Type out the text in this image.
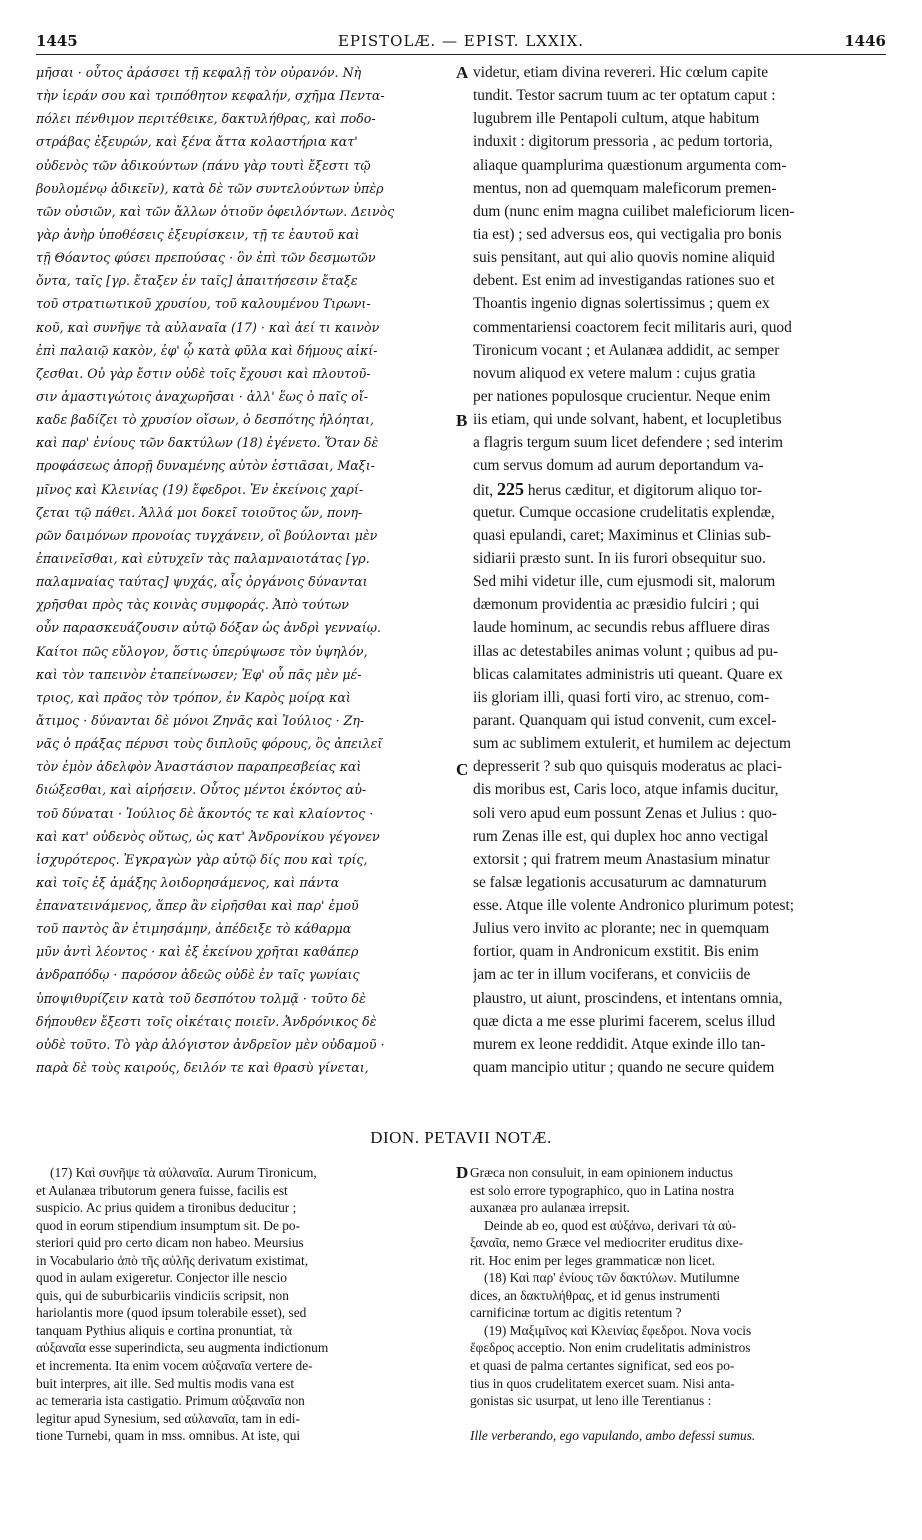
1445	EPISTOLÆ. — EPIST. LXXIX.	1446
μῆσαι · οὗτος ἀράσσει τῇ κεφαλῇ τὸν οὐρανόν. Νὴ
τὴν ἱεράν σου καὶ τριπόθητον κεφαλήν, σχῆμα Πεντα-
πόλει πένθιμον περιτέθεικε, δακτυλήθρας, καὶ ποδο-
στράβας ἐξευρών, καὶ ξένα ἄττα κολαστήρια κατ'
οὐδενὸς τῶν ἀδικούντων (πάνυ γὰρ τουτὶ ἔξεστι τῷ
βουλομένῳ ἀδικεῖν), κατὰ δὲ τῶν συντελούντων ὑπὲρ
τῶν οὐσιῶν, καὶ τῶν ἄλλων ὁτιοῦν ὀφειλόντων. Δεινὸς
γὰρ ἀνὴρ ὑποθέσεις ἐξευρίσκειν, τῇ τε ἑαυτοῦ καὶ
τῇ Θόαντος φύσει πρεπούσας · ὃν ἐπὶ τῶν δεσμωτῶν
ὄντα, ταῖς [γρ. ἔταξεν ἐν ταῖς] ἀπαιτήσεσιν ἔταξε
τοῦ στρατιωτικοῦ χρυσίου, τοῦ καλουμένου Τιρωνι-
κοῦ, καὶ συνῆψε τὰ αὐλαναῖα (17) · καὶ ἀεί τι καινὸν
ἐπὶ παλαιῷ κακὸν, ἐφ' ᾧ κατὰ φῦλα καὶ δήμους αἰκί-
ζεσθαι. Οὐ γὰρ ἔστιν οὐδὲ τοῖς ἔχουσι καὶ πλουτοῦ-
σιν ἀμαστιγώτοις ἀναχωρῆσαι · ἀλλ' ἕως ὁ παῖς οἴ-
καδε βαδίζει τὸ χρυσίον οἴσων, ὁ δεσπότης ἠλόηται,
καὶ παρ' ἐνίους τῶν δακτύλων (18) ἐγένετο. Ὅταν δὲ
προφάσεως ἀπορῇ δυναμένης αὐτὸν ἑστιᾶσαι, Μαξι-
μῖνος καὶ Κλεινίας (19) ἔφεδροι. Ἐν ἐκείνοις χαρί-
ζεται τῷ πάθει. Ἀλλά μοι δοκεῖ τοιοῦτος ὤν, πονη-
ρῶν δαιμόνων προνοίας τυγχάνειν, οἳ βούλονται μὲν
ἐπαινεῖσθαι, καὶ εὐτυχεῖν τὰς παλαμναιοτάτας [γρ.
παλαμναίας ταύτας] ψυχάς, αἷς ὀργάνοις δύνανται
χρῆσθαι πρὸς τὰς κοινὰς συμφοράς. Ἀπὸ τούτων
οὖν παρασκευάζουσιν αὐτῷ δόξαν ὡς ἀνδρὶ γενναίῳ.
Καίτοι πῶς εὔλογον, ὅστις ὑπερύψωσε τὸν ὑψηλόν,
καὶ τὸν ταπεινὸν ἐταπείνωσεν; Ἐφ' οὗ πᾶς μὲν μέ-
τριος, καὶ πρᾶος τὸν τρόπον, ἐν Καρὸς μοίρᾳ καὶ
ἄτιμος · δύνανται δὲ μόνοι Ζηνᾶς καὶ Ἰούλιος · Ζη-
νᾶς ὁ πράξας πέρυσι τοὺς διπλοῦς φόρους, ὃς ἀπειλεῖ
τὸν ἐμὸν ἀδελφὸν Ἀναστάσιον παραπρεσβείας καὶ
διώξεσθαι, καὶ αἱρήσειν. Οὗτος μέντοι ἑκόντος αὐ-
τοῦ δύναται · Ἰούλιος δὲ ἄκοντός τε καὶ κλαίοντος ·
καὶ κατ' οὐδενὸς οὕτως, ὡς κατ' Ἀνδρονίκου γέγονεν
ἰσχυρότερος. Ἐγκραγὼν γὰρ αὐτῷ δίς που καὶ τρίς,
καὶ τοῖς ἐξ ἁμάξης λοιδορησάμενος, καὶ πάντα
ἐπανατεινάμενος, ἅπερ ἂν εἰρῆσθαι καὶ παρ' ἐμοῦ
τοῦ παντὸς ἂν ἐτιμησάμην, ἀπέδειξε τὸ κάθαρμα
μῦν ἀντὶ λέοντος · καὶ ἐξ ἐκείνου χρῆται καθάπερ
ἀνδραπόδῳ · παρόσον ἀδεῶς οὐδὲ ἐν ταῖς γωνίαις
ὑποψιθυρίζειν κατὰ τοῦ δεσπότου τολμᾷ · τοῦτο δὲ
δήπουθεν ἔξεστι τοῖς οἰκέταις ποιεῖν. Ἀνδρόνικος δὲ
οὐδὲ τοῦτο. Τὸ γὰρ ἀλόγιστον ἀνδρεῖον μὲν οὐδαμοῦ ·
παρὰ δὲ τοὺς καιρούς, δειλόν τε καὶ θρασὺ γίνεται,
videtur, etiam divina revereri. Hic cœlum capite
tundit. Testor sacrum tuum ac ter optatum caput :
lugubrem ille Pentapoli cultum, atque habitum
induxit : digitorum pressoria , ac pedum tortoria,
aliaque quamplurima quæstionum argumenta com-
mentus, non ad quemquam maleficorum premen-
dum (nunc enim magna cuilibet maleficiorum licen-
tia est) ; sed adversus eos, qui vectigalia pro bonis
suis pensitant, aut qui alio quovis nomine aliquid
debent. Est enim ad investigandas rationes suo et
Thoantis ingenio dignas solertissimus ; quem ex
commentariensi coactorem fecit militaris auri, quod
Tironicum vocant ; et Aulanæa addidit, ac semper
novum aliquod ex vetere malum : cujus gratia
per nationes populosque crucientur. Neque enim
iis etiam, qui unde solvant, habent, et locupletibus
a flagris tergum suum licet defendere ; sed interim
cum servus domum ad aurum deportandum va-
dit, 225 herus cæditur, et digitorum aliquo tor-
quetur. Cumque occasione crudelitatis explendæ,
quasi epulandi, caret; Maximinus et Clinias sub-
sidiarii præsto sunt. In iis furori obsequitur suo.
Sed mihi videtur ille, cum ejusmodi sit, malorum
dæmonum providentia ac præsidio fulciri ; qui
laude hominum, ac secundis rebus affluere diras
illas ac detestabiles animas volunt ; quibus ad pu-
blicas calamitates administris uti queant. Quare ex
iis gloriam illi, quasi forti viro, ac strenuo, com-
parant. Quanquam qui istud convenit, cum excel-
sum ac sublimem extulerit, et humilem ac dejectum
depresserit ? sub quo quisquis moderatus ac placi-
dis moribus est, Caris loco, atque infamis ducitur,
soli vero apud eum possunt Zenas et Julius : quo-
rum Zenas ille est, qui duplex hoc anno vectigal
extorsit ; qui fratrem meum Anastasium minatur
se falsæ legationis accusaturum ac damnaturum
esse. Atque ille volente Andronico plurimum potest;
Julius vero invito ac plorante; nec in quemquam
fortior, quam in Andronicum exstitit. Bis enim
jam ac ter in illum vociferans, et conviciis de
plaustro, ut aiunt, proscindens, et intentans omnia,
quæ dicta a me esse plurimi facerem, scelus illud
murem ex leone reddidit. Atque exinde illo tan-
quam mancipio utitur ; quando ne secure quidem
A
B
C
D
DION. PETAVII NOTÆ.
(17) Καὶ συνῆψε τὰ αὐλαναῖα. Aurum Tironicum,
et Aulanæa tributorum genera fuisse, facilis est
suspicio. Ac prius quidem a tironibus deducitur ;
quod in eorum stipendium insumptum sit. De po-
steriori quid pro certo dicam non habeo. Meursius
in Vocabulario ἀπὸ τῆς αὐλῆς derivatum existimat,
quod in aulam exigeretur. Conjector ille nescio
quis, qui de suburbicariis vindiciis scripsit, non
hariolantis more (quod ipsum tolerabile esset), sed
tanquam Pythius aliquis e cortina pronuntiat, τὰ
αὐξαναῖα esse superindicta, seu augmenta indictionum
et incrementa. Ita enim vocem αὐξαναῖα vertere de-
buit interpres, ait ille. Sed multis modis vana est
ac temeraria ista castigatio. Primum αὐξαναῖα non
legitur apud Synesium, sed αὐλαναῖα, tam in edi-
tione Turnebi, quam in mss. omnibus. At iste, qui
Græca non consuluit, in eam opinionem inductus
est solo errore typographico, quo in Latina nostra
auxanæa pro aulanæa irrepsit.
Deinde ab eo, quod est αὐξάνω, derivari τὰ αὐ-
ξαναῖα, nemo Græce vel mediocriter eruditus dixe-
rit. Hoc enim per leges grammaticæ non licet.
(18) Καὶ παρ' ἐνίους τῶν δακτύλων. Mutilumne
dices, an δακτυλήθρας, et id genus instrumenti
carnificinæ tortum ac digitis retentum ?
(19) Μαξιμῖνος καὶ Κλεινίας ἔφεδροι. Nova vocis
ἔφεδρος acceptio. Non enim crudelitatis administros
et quasi de palma certantes significat, sed eos po-
tius in quos crudelitatem exercet suam. Nisi anta-
gonistas sic usurpat, ut leno ille Terentianus :
Ille verberando, ego vapulando, ambo defessi sumus.
